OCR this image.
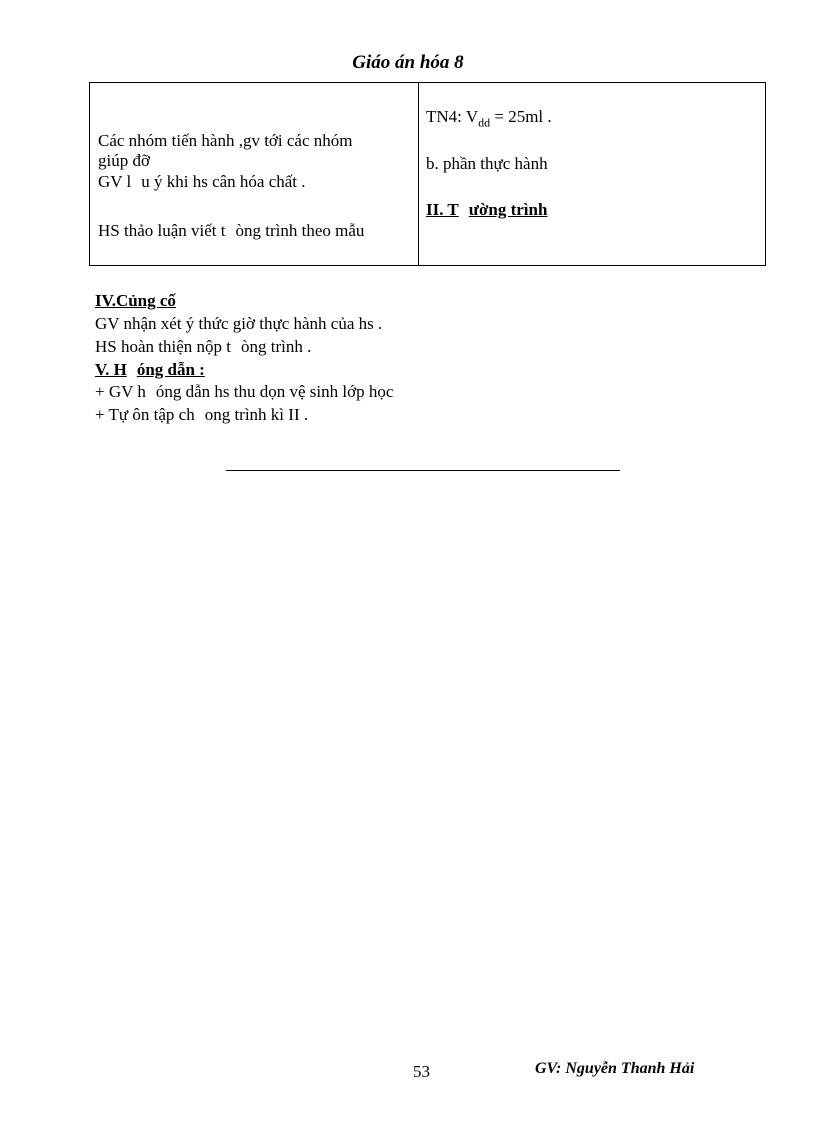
Giáo án hóa 8
Các nhóm tiến hành ,gv tới các nhóm
giúp đỡ
GV l u ý khi hs cân hóa chất .
HS thảo luận viết t òng trình theo mẫu
TN4: $V_{dd} = 25ml$ .
b. phần thực hành
II. T ường trình
IV.Củng cố
GV nhận xét ý thức giờ thực hành của hs .
HS hoàn thiện nộp t òng trình .
V. H óng dẫn :
+ GV h óng dẫn hs thu dọn vệ sinh lớp học
+ Tự ôn tập ch ong trình kì II .
53	GV: Nguyễn Thanh Hải
